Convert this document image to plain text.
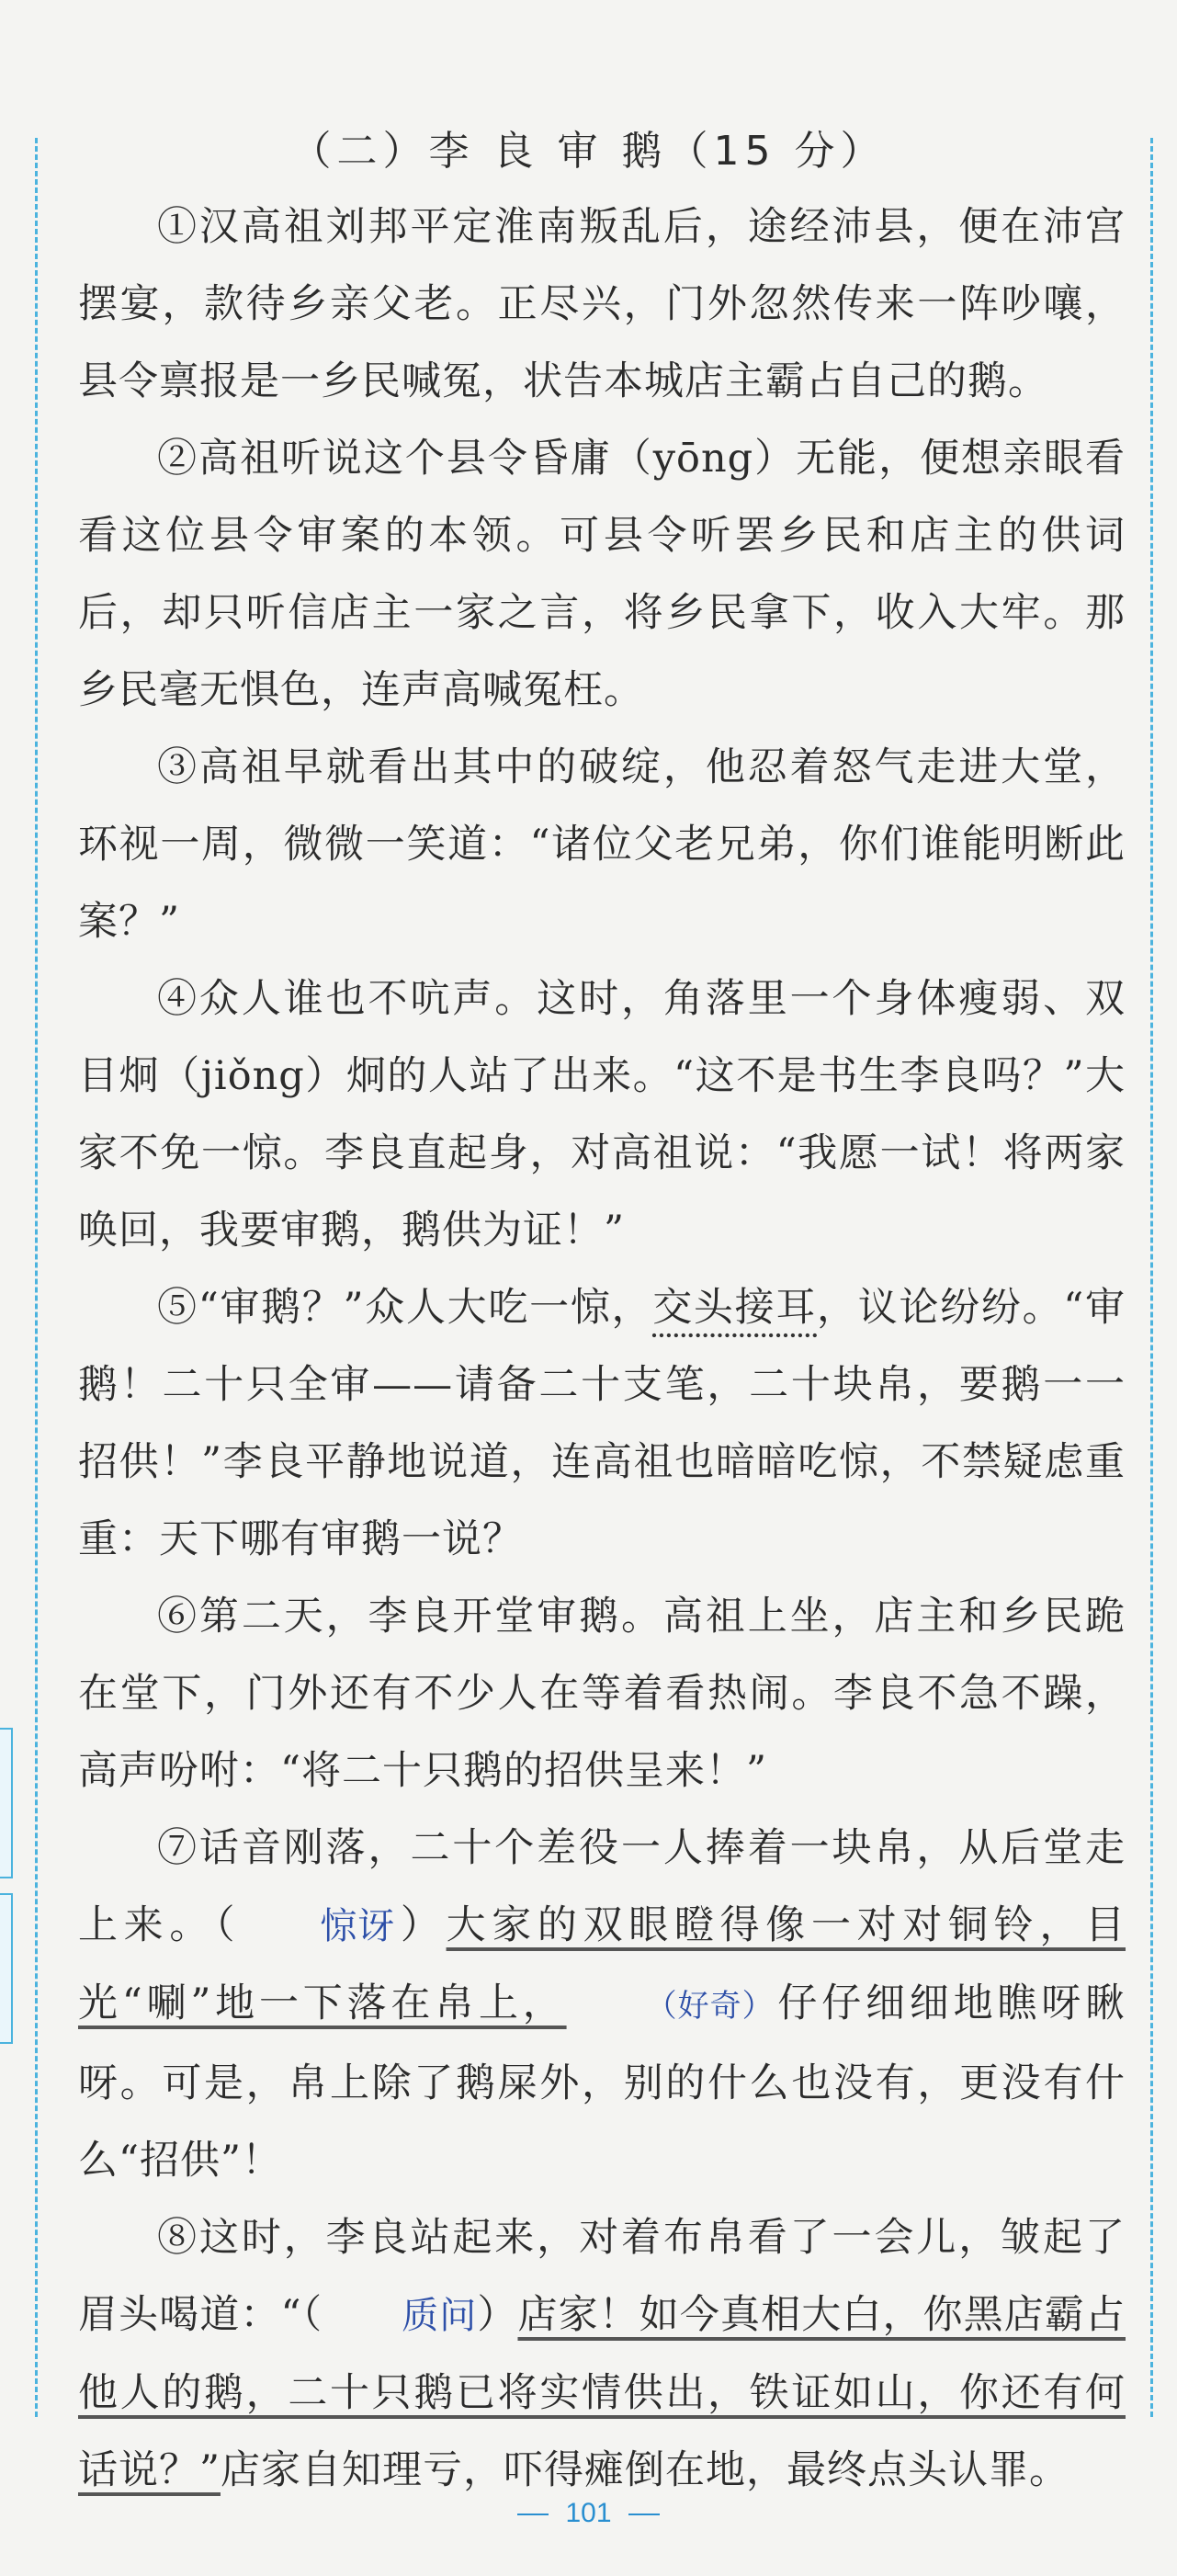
（二）李 良 审 鹅（15 分）

①汉高祖刘邦平定淮南叛乱后，途经沛县，便在沛宫摆宴，款待乡亲父老。正尽兴，门外忽然传来一阵吵嚷，县令禀报是一乡民喊冤，状告本城店主霸占自己的鹅。

②高祖听说这个县令昏庸（yōng）无能，便想亲眼看看这位县令审案的本领。可县令听罢乡民和店主的供词后，却只听信店主一家之言，将乡民拿下，收入大牢。那乡民毫无惧色，连声高喊冤枉。

③高祖早就看出其中的破绽，他忍着怒气走进大堂，环视一周，微微一笑道：“诸位父老兄弟，你们谁能明断此案？”

④众人谁也不吭声。这时，角落里一个身体瘦弱、双目炯（jiǒng）炯的人站了出来。“这不是书生李良吗？”大家不免一惊。李良直起身，对高祖说：“我愿一试！将两家唤回，我要审鹅，鹅供为证！”

⑤“审鹅？”众人大吃一惊，交头接耳，议论纷纷。“审鹅！二十只全审——请备二十支笔，二十块帛，要鹅一一招供！”李良平静地说道，连高祖也暗暗吃惊，不禁疑虑重重：天下哪有审鹅一说？

⑥第二天，李良开堂审鹅。高祖上坐，店主和乡民跪在堂下，门外还有不少人在等着看热闹。李良不急不躁，高声吩咐：“将二十只鹅的招供呈来！”

⑦话音刚落，二十个差役一人捧着一块帛，从后堂走上来。（ 惊讶）大家的双眼瞪得像一对对铜铃，目光“唰”地一下落在帛上，	（好奇）仔仔细细地瞧呀瞅呀。可是，帛上除了鹅屎外，别的什么也没有，更没有什么“招供”！

⑧这时，李良站起来，对着布帛看了一会儿，皱起了眉头喝道：“（ 质问）店家！如今真相大白，你黑店霸占他人的鹅，二十只鹅已将实情供出，铁证如山，你还有何话说？”店家自知理亏，吓得瘫倒在地，最终点头认罪。

101
